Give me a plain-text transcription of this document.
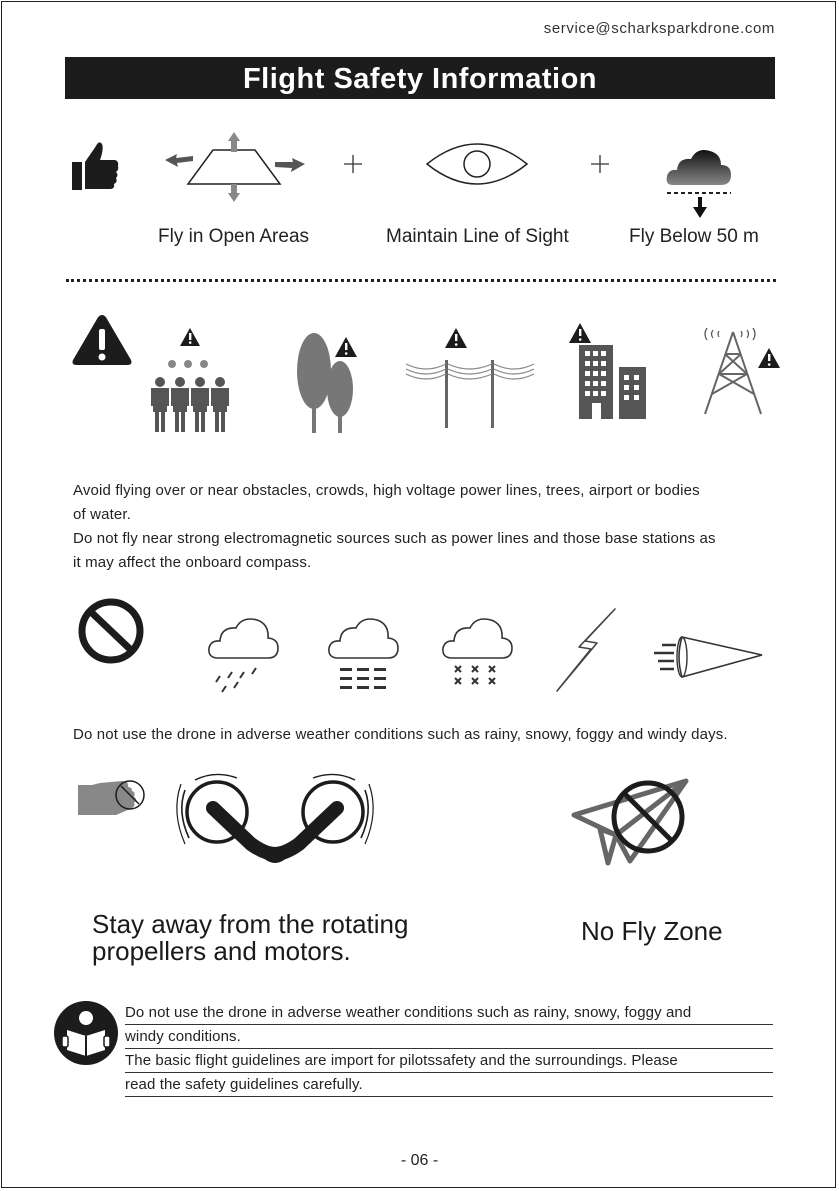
service@scharksparkdrone.com
Flight Safety Information
Fly in Open Areas	Maintain Line of Sight	Fly Below 50 m
Avoid flying over or near obstacles, crowds, high voltage power lines, trees, airport or bodies
of water.
Do not fly near strong electromagnetic sources such as power lines and those base stations as
it may affect the onboard compass.
Do not use the drone in adverse weather conditions such as rainy, snowy, foggy and windy days.
Stay away from the rotating
propellers and motors.
No Fly Zone
Do not use the drone in adverse weather conditions such as rainy, snowy, foggy and
windy conditions.
The basic flight guidelines are import for pilotssafety and the surroundings. Please
read the safety guidelines carefully.
- 06 -
